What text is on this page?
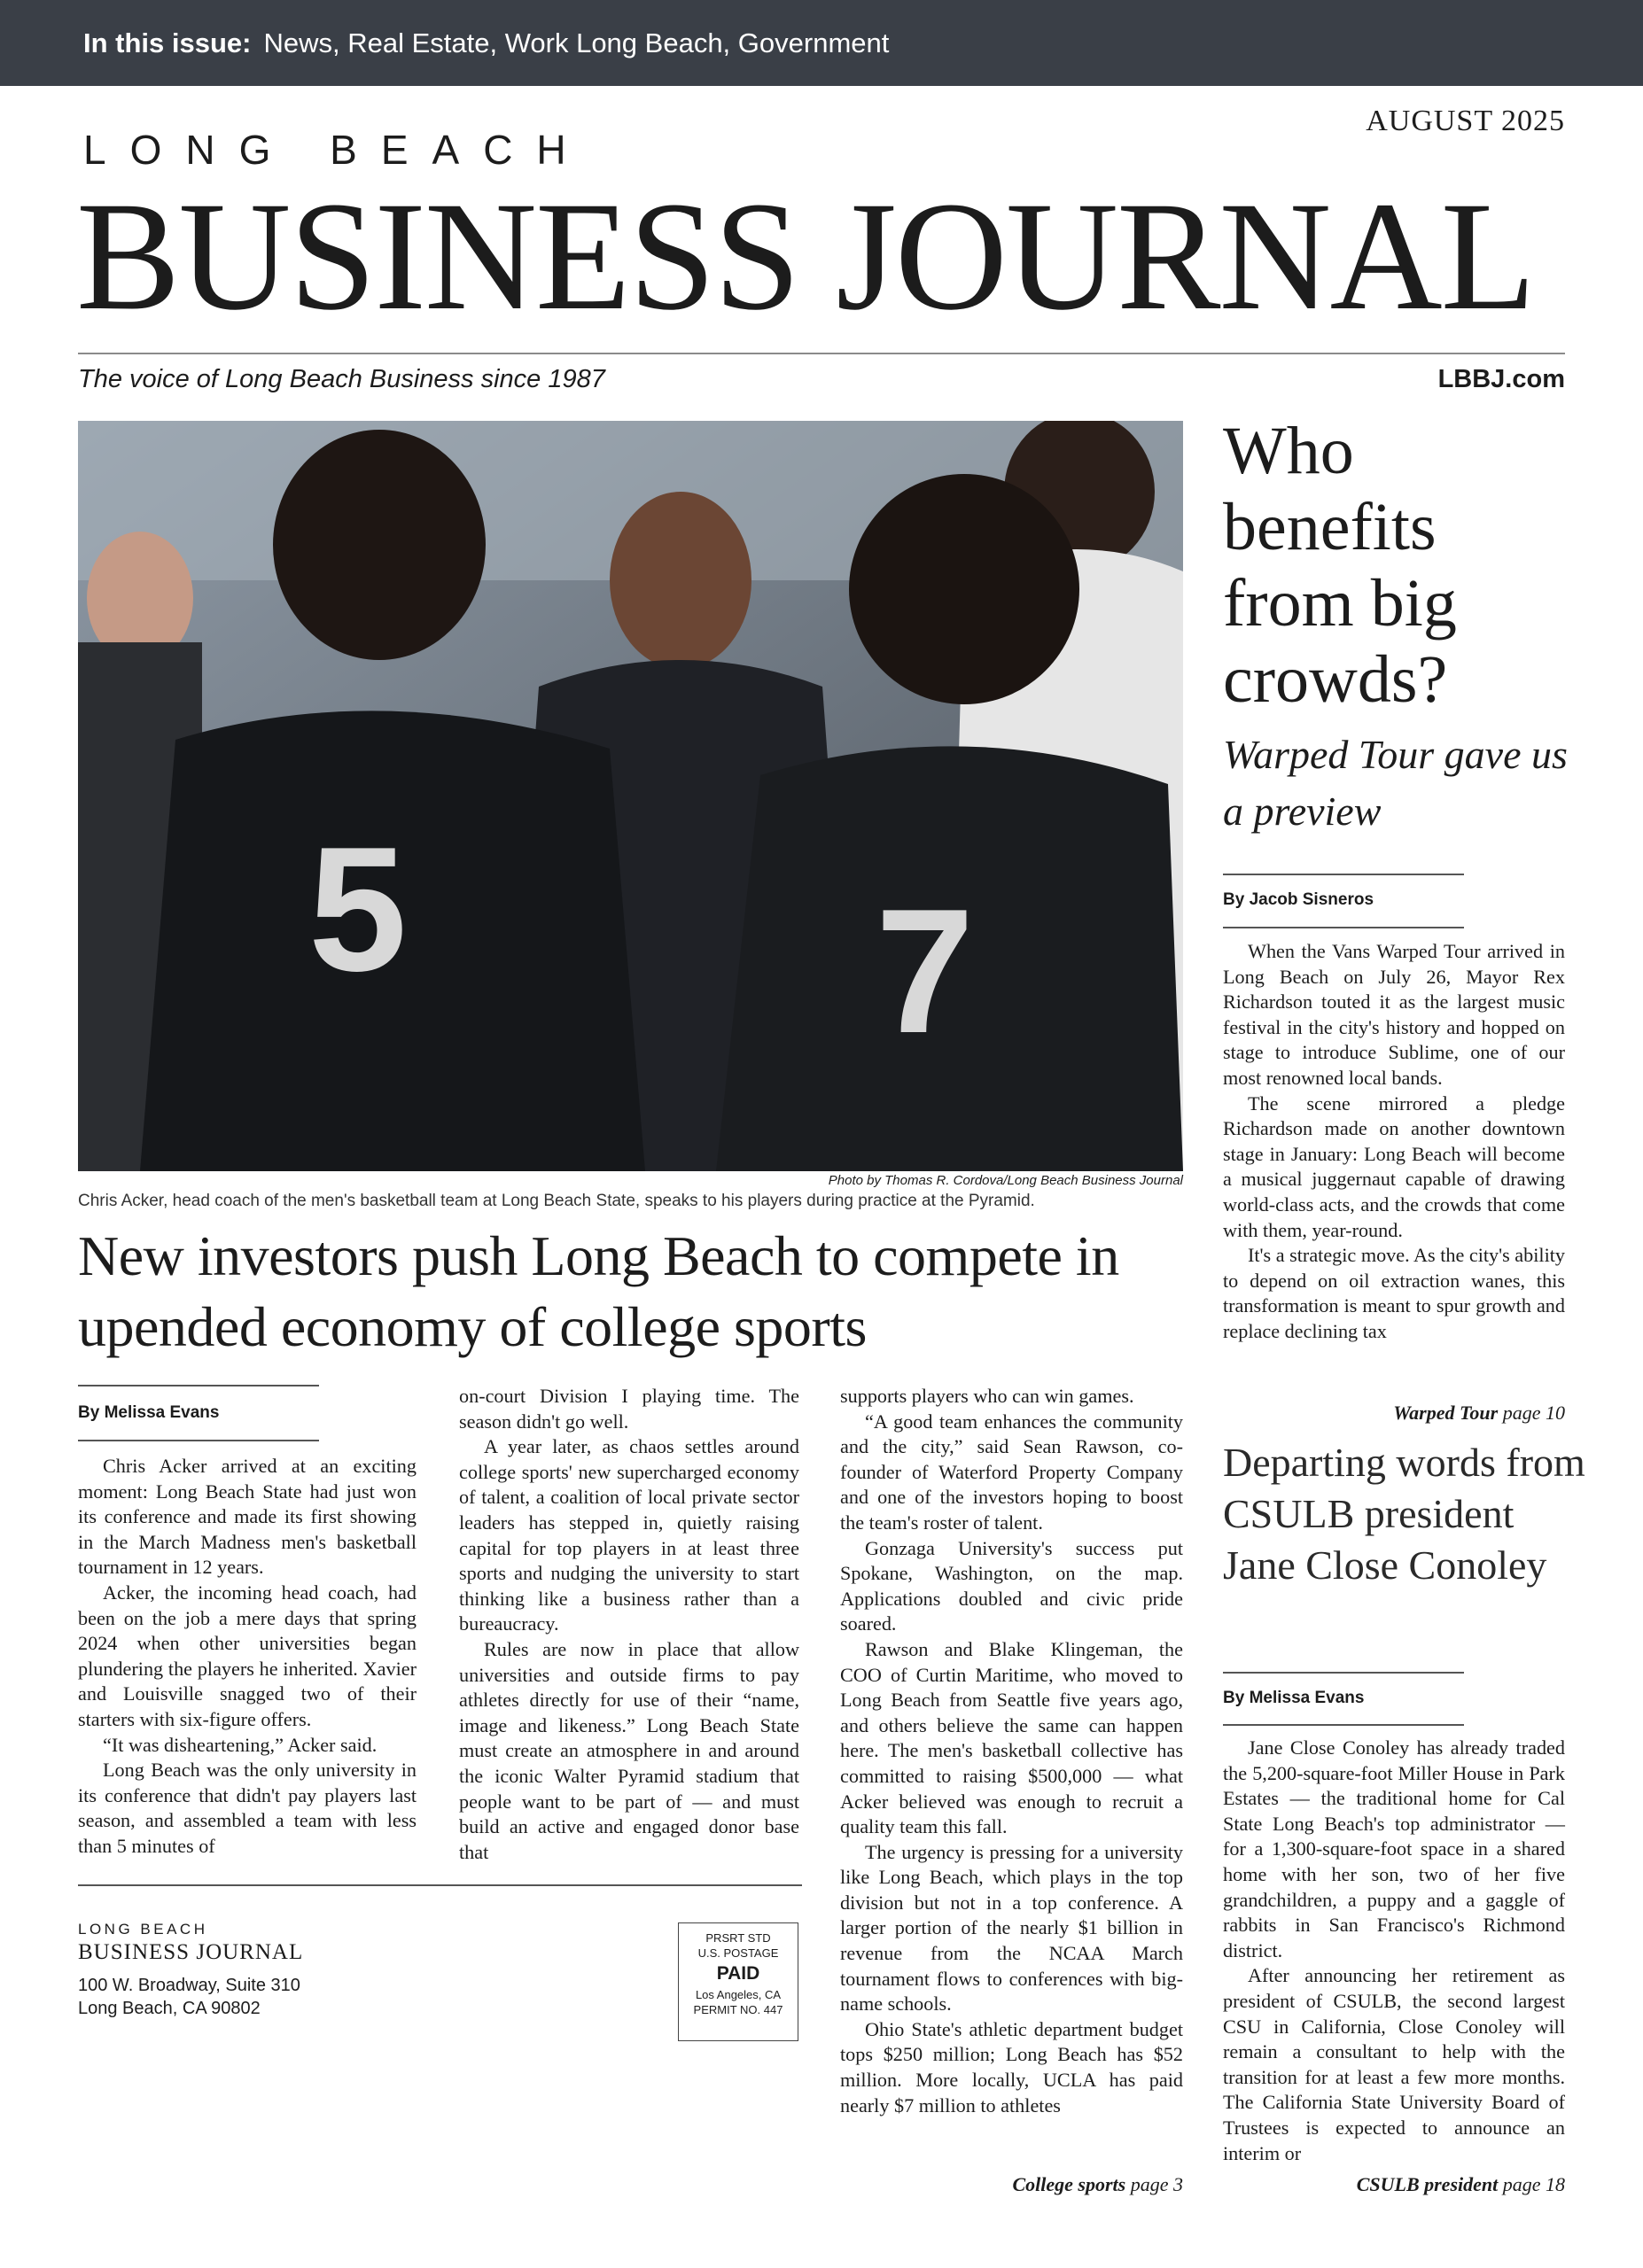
In this issue: News, Real Estate, Work Long Beach, Government
AUGUST 2025
LONG BEACH
BUSINESS JOURNAL
The voice of Long Beach Business since 1987	LBBJ.com
5	7
Photo by Thomas R. Cordova/Long Beach Business Journal
Chris Acker, head coach of the men's basketball team at Long Beach State, speaks to his players during practice at the Pyramid.
New investors push Long Beach to compete in upended economy of college sports
By Melissa Evans

Chris Acker arrived at an exciting moment: Long Beach State had just won its conference and made its first showing in the March Madness men's basketball tournament in 12 years.

Acker, the incoming head coach, had been on the job a mere days that spring 2024 when other universities began plundering the players he inherited. Xavier and Louisville snagged two of their starters with six-figure offers.

“It was disheartening,” Acker said.

Long Beach was the only university in its conference that didn't pay players last season, and assembled a team with less than 5 minutes of

on-court Division I playing time. The season didn't go well.

A year later, as chaos settles around college sports' new supercharged economy of talent, a coalition of local private sector leaders has stepped in, quietly raising capital for top players in at least three sports and nudging the university to start thinking like a business rather than a bureaucracy.

Rules are now in place that allow universities and outside firms to pay athletes directly for use of their “name, image and likeness.” Long Beach State must create an atmosphere in and around the iconic Walter Pyramid stadium that people want to be part of — and must build an active and engaged donor base that

supports players who can win games.

“A good team enhances the community and the city,” said Sean Rawson, co-founder of Waterford Property Company and one of the investors hoping to boost the team's roster of talent.

Gonzaga University's success put Spokane, Washington, on the map. Applications doubled and civic pride soared.

Rawson and Blake Klingeman, the COO of Curtin Maritime, who moved to Long Beach from Seattle five years ago, and others believe the same can happen here. The men's basketball collective has committed to raising $500,000 — what Acker believed was enough to recruit a quality team this fall.

The urgency is pressing for a university like Long Beach, which plays in the top division but not in a top conference. A larger portion of the nearly $1 billion in revenue from the NCAA March tournament flows to conferences with big-name schools.

Ohio State's athletic department budget tops $250 million; Long Beach has $52 million. More locally, UCLA has paid nearly $7 million to athletes

College sports page 3
LONG BEACH
BUSINESS JOURNAL
100 W. Broadway, Suite 310
Long Beach, CA 90802
PRSRT STD
U.S. POSTAGE
PAID
Los Angeles, CA
PERMIT NO. 447
Who benefits from big crowds?
Warped Tour gave us a preview
By Jacob Sisneros

When the Vans Warped Tour arrived in Long Beach on July 26, Mayor Rex Richardson touted it as the largest music festival in the city's history and hopped on stage to introduce Sublime, one of our most renowned local bands.

The scene mirrored a pledge Richardson made on another downtown stage in January: Long Beach will become a musical juggernaut capable of drawing world-class acts, and the crowds that come with them, year-round.

It's a strategic move. As the city's ability to depend on oil extraction wanes, this transformation is meant to spur growth and replace declining tax

Warped Tour page 10
Departing words from CSULB president Jane Close Conoley
By Melissa Evans

Jane Close Conoley has already traded the 5,200-square-foot Miller House in Park Estates — the traditional home for Cal State Long Beach's top administrator — for a 1,300-square-foot space in a shared home with her son, two of her five grandchildren, a puppy and a gaggle of rabbits in San Francisco's Richmond district.

After announcing her retirement as president of CSULB, the second largest CSU in California, Close Conoley will remain a consultant to help with the transition for at least a few more months. The California State University Board of Trustees is expected to announce an interim or

CSULB president page 18
